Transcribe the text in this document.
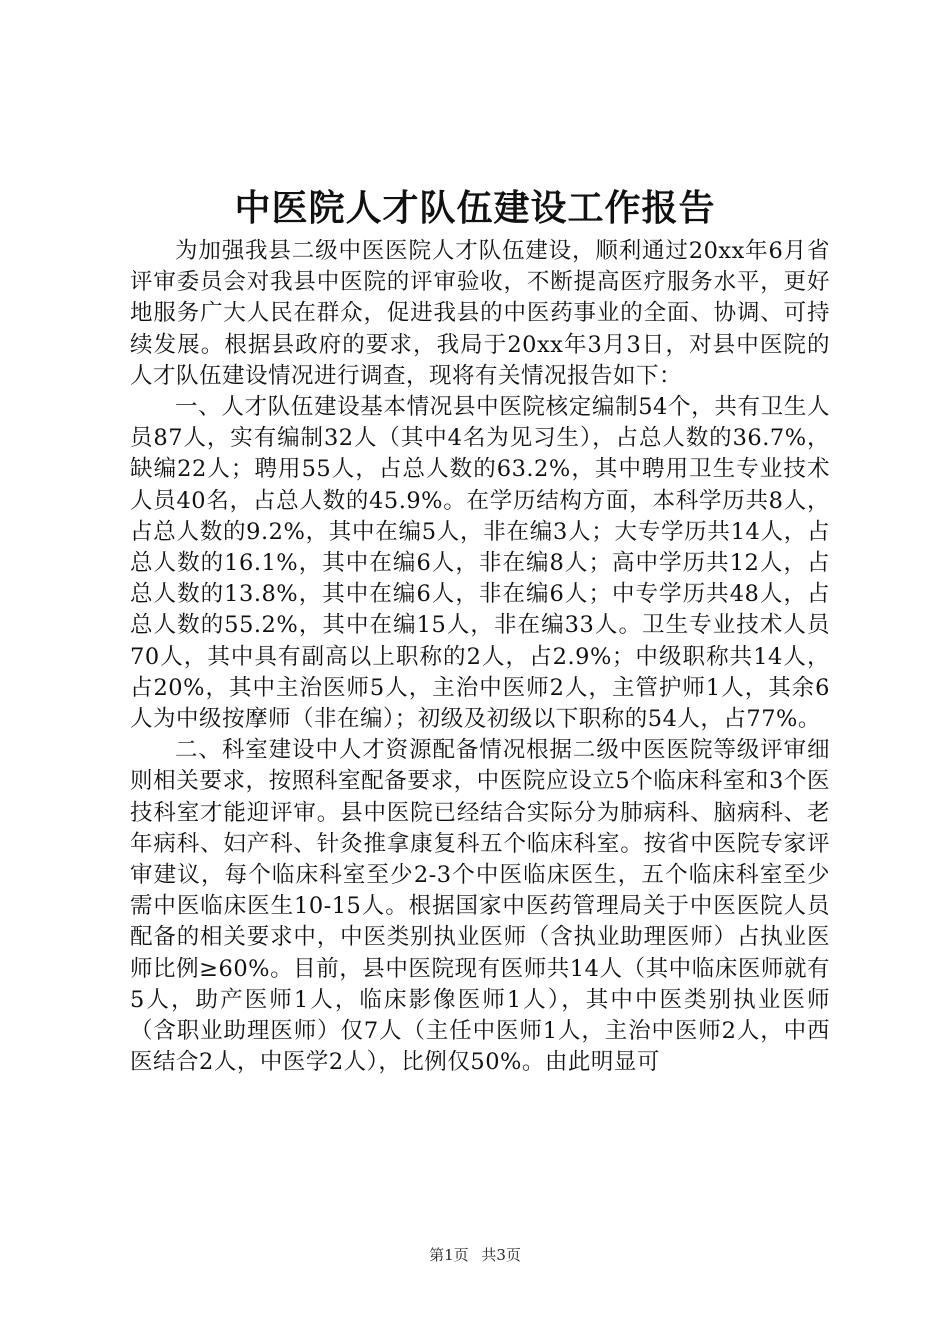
中医院人才队伍建设工作报告

为加强我县二级中医医院人才队伍建设，顺利通过20xx年6月省评审委员会对我县中医院的评审验收，不断提高医疗服务水平，更好地服务广大人民在群众，促进我县的中医药事业的全面、协调、可持续发展。根据县政府的要求，我局于20xx年3月3日，对县中医院的人才队伍建设情况进行调查，现将有关情况报告如下：

一、人才队伍建设基本情况县中医院核定编制54个，共有卫生人员87人，实有编制32人（其中4名为见习生），占总人数的36.7%，缺编22人；聘用55人，占总人数的63.2%，其中聘用卫生专业技术人员40名，占总人数的45.9%。在学历结构方面，本科学历共8人，占总人数的9.2%，其中在编5人，非在编3人；大专学历共14人，占总人数的16.1%，其中在编6人，非在编8人；高中学历共12人，占总人数的13.8%，其中在编6人，非在编6人；中专学历共48人，占总人数的55.2%，其中在编15人，非在编33人。卫生专业技术人员70人，其中具有副高以上职称的2人，占2.9%；中级职称共14人，占20%，其中主治医师5人，主治中医师2人，主管护师1人，其余6人为中级按摩师（非在编）；初级及初级以下职称的54人，占77%。

二、科室建设中人才资源配备情况根据二级中医医院等级评审细则相关要求，按照科室配备要求，中医院应设立5个临床科室和3个医技科室才能迎评审。县中医院已经结合实际分为肺病科、脑病科、老年病科、妇产科、针灸推拿康复科五个临床科室。按省中医院专家评审建议，每个临床科室至少2-3个中医临床医生，五个临床科室至少需中医临床医生10-15人。根据国家中医药管理局关于中医医院人员配备的相关要求中，中医类别执业医师（含执业助理医师）占执业医师比例≥60%。目前，县中医院现有医师共14人（其中临床医师就有5人，助产医师1人，临床影像医师1人），其中中医类别执业医师（含职业助理医师）仅7人（主任中医师1人，主治中医师2人，中西医结合2人，中医学2人），比例仅50%。由此明显可

第1页 共3页
